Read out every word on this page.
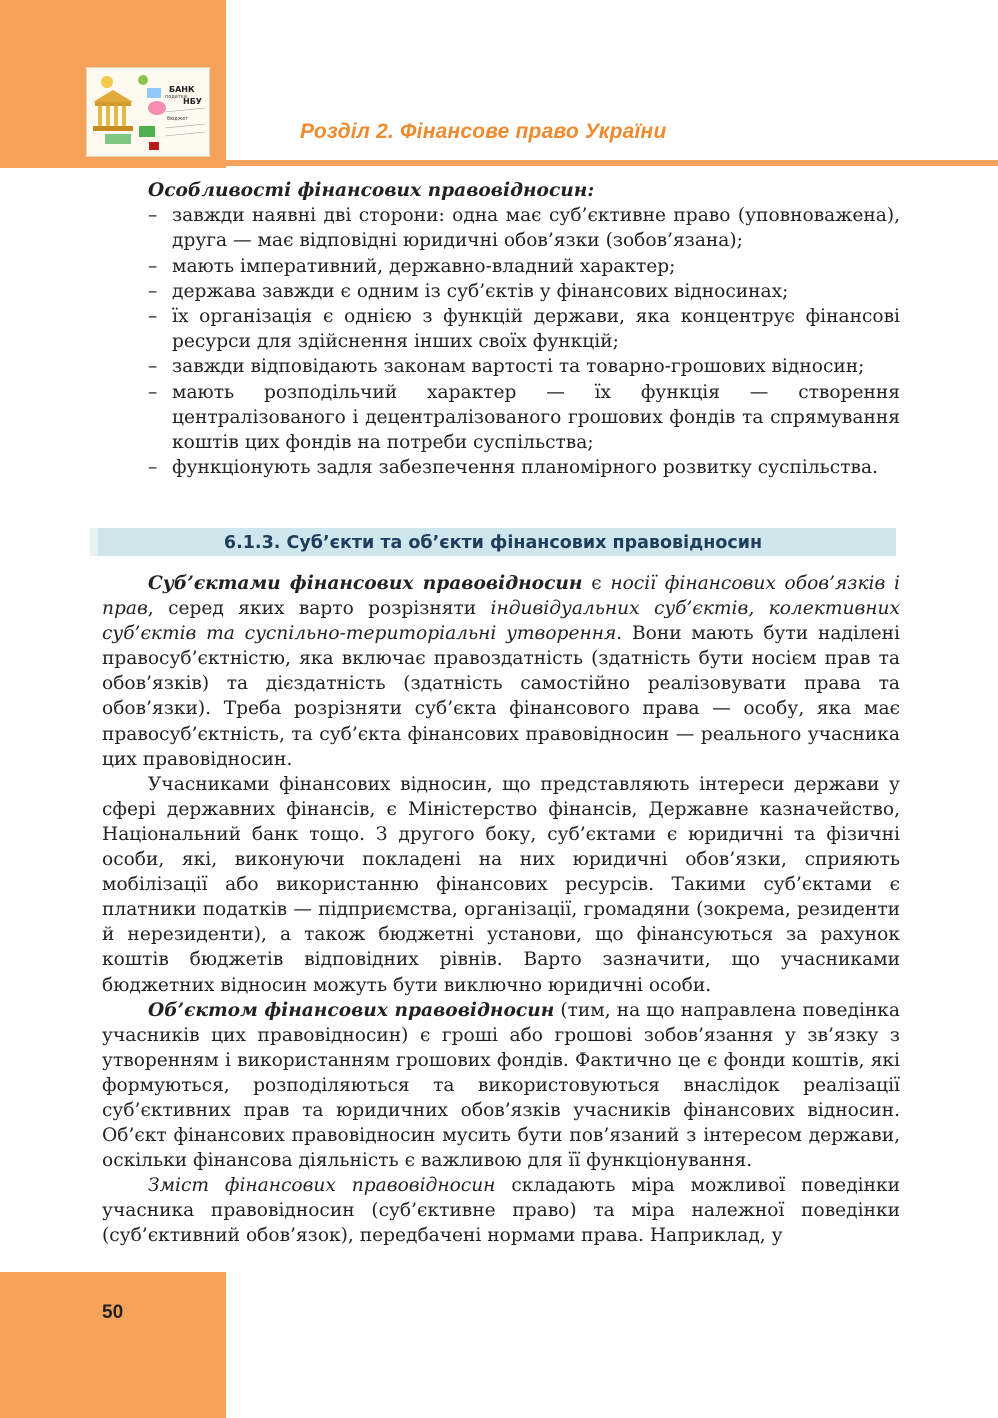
БАНК
НБУ
податки
бюджет
Розділ 2. Фінансове право України

Особливості фінансових правовідносин:

– завжди наявні дві сторони: одна має суб’єктивне право (уповноважена), друга — має відповідні юридичні обов’язки (зобов’язана);
– мають імперативний, державно-владний характер;
– держава завжди є одним із суб’єктів у фінансових відносинах;
– їх організація є однією з функцій держави, яка концентрує фінансові ресурси для здійснення інших своїх функцій;
– завжди відповідають законам вартості та товарно-грошових відносин;
– мають розподільчий характер — їх функція — створення централізованого і децентралізованого грошових фондів та спрямування коштів цих фондів на потреби суспільства;
– функціонують задля забезпечення планомірного розвитку суспільства.
6.1.3. Суб’єкти та об’єкти фінансових правовідносин

Суб’єктами фінансових правовідносин є носії фінансових обов’язків і прав, серед яких варто розрізняти індивідуальних суб’єктів, колективних суб’єктів та суспільно-територіальні утворення. Вони мають бути наділені правосуб’єктністю, яка включає правоздатність (здатність бути носієм прав та обов’язків) та дієздатність (здатність самостійно реалізовувати права та обов’язки). Треба розрізняти суб’єкта фінансового права — особу, яка має правосуб’єктність, та суб’єкта фінансових правовідносин — реального учасника цих правовідносин.

Учасниками фінансових відносин, що представляють інтереси держави у сфері державних фінансів, є Міністерство фінансів, Державне казначейство, Національний банк тощо. З другого боку, суб’єктами є юридичні та фізичні особи, які, виконуючи покладені на них юридичні обов’язки, сприяють мобілізації або використанню фінансових ресурсів. Такими суб’єктами є платники податків — підприємства, організації, громадяни (зокрема, резиденти й нерезиденти), а також бюджетні установи, що фінансуються за рахунок коштів бюджетів відповідних рівнів. Варто зазначити, що учасниками бюджетних відносин можуть бути виключно юридичні особи.

Об’єктом фінансових правовідносин (тим, на що направлена поведінка учасників цих правовідносин) є гроші або грошові зобов’язання у зв’язку з утворенням і використанням грошових фондів. Фактично це є фонди коштів, які формуються, розподіляються та використовуються внаслідок реалізації суб’єктивних прав та юридичних обов’язків учасників фінансових відносин. Об’єкт фінансових правовідносин мусить бути пов’язаний з інтересом держави, оскільки фінансова діяльність є важливою для її функціонування.

Зміст фінансових правовідносин складають міра можливої поведінки учасника правовідносин (суб’єктивне право) та міра належної поведінки (суб’єктивний обов’язок), передбачені нормами права. Наприклад, у

50
